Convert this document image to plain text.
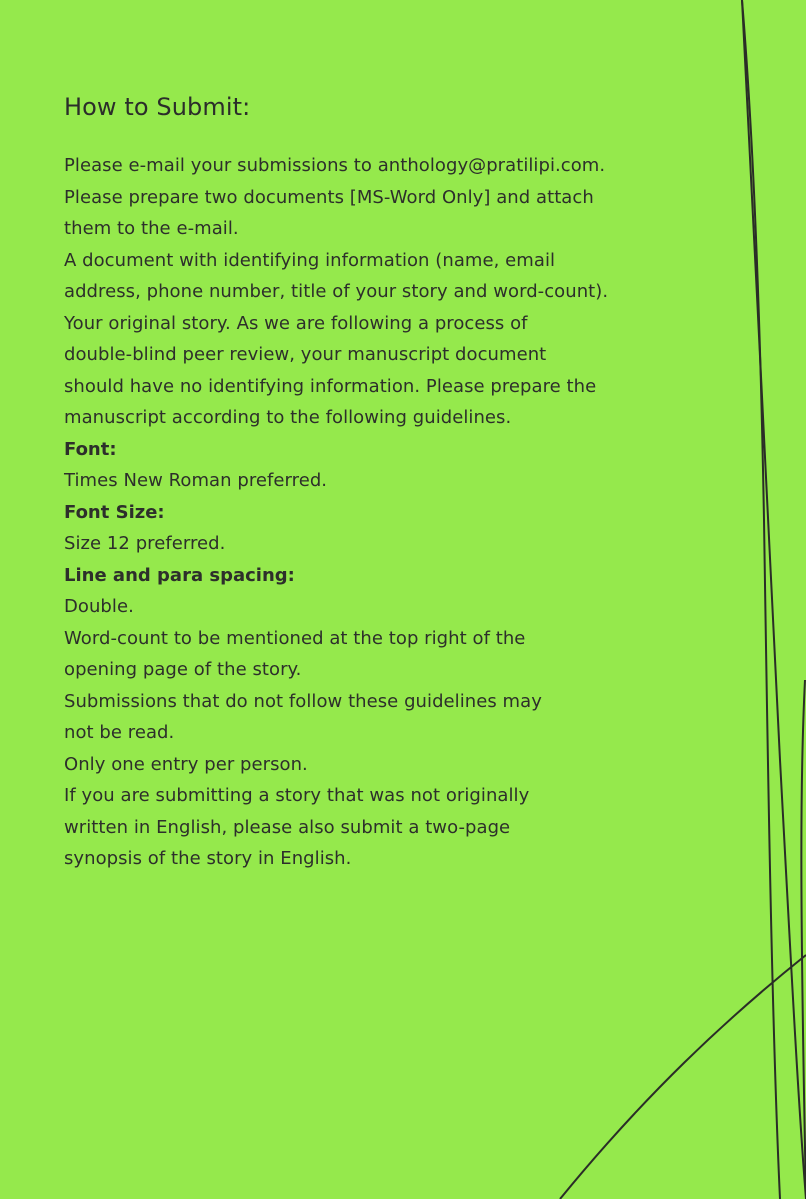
How to Submit:

Please e-mail your submissions to anthology@pratilipi.com.

Please prepare two documents [MS-Word Only] and attach

them to the e-mail.

A document with identifying information (name, email

address, phone number, title of your story and word-count).

Your original story. As we are following a process of

double-blind peer review, your manuscript document

should have no identifying information. Please prepare the

manuscript according to the following guidelines.

Font:

Times New Roman preferred.

Font Size:

Size 12 preferred.

Line and para spacing:

Double.

Word-count to be mentioned at the top right of the

opening page of the story.

Submissions that do not follow these guidelines may

not be read.

Only one entry per person.

If you are submitting a story that was not originally

written in English, please also submit a two-page

synopsis of the story in English.
